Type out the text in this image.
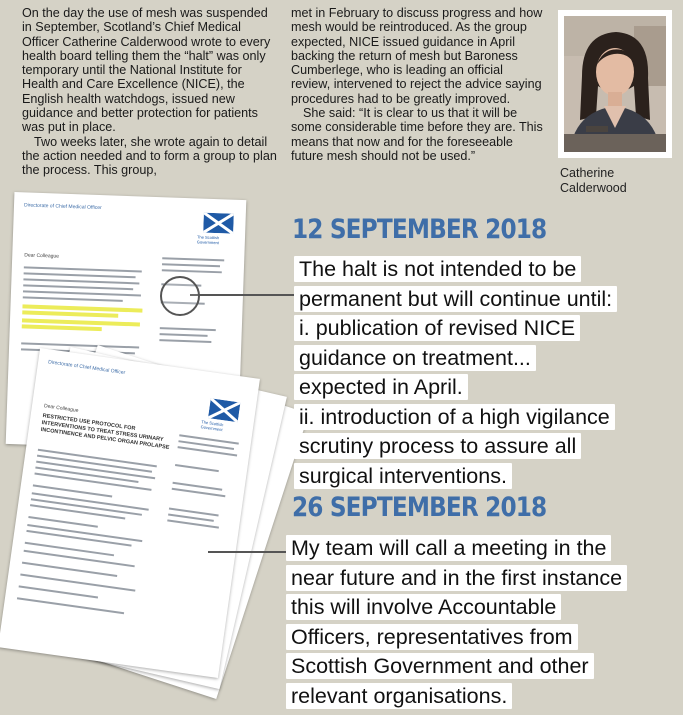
On the day the use of mesh was suspended in September, Scotland’s Chief Medical Officer Catherine Calderwood wrote to every health board telling them the “halt” was only temporary until the National Institute for Health and Care Excellence (NICE), the English health watchdogs, issued new guidance and better protection for patients was put in place.

Two weeks later, she wrote again to detail the action needed and to form a group to plan the process. This group,

met in February to discuss progress and how mesh would be reintroduced. As the group expected, NICE issued guidance in April backing the return of mesh but Baroness Cumberlege, who is leading an official review, intervened to reject the advice saying procedures had to be greatly improved.

She said: “It is clear to us that it will be some considerable time before they are. This means that now and for the foreseeable future mesh should not be used.”

Catherine
Calderwood
Directorate of Chief Medical Officer
The Scottish Government
Dear Colleague
Directorate of Chief Medical Officer
The Scottish Government
Dear Colleague
RESTRICTED USE PROTOCOL FOR INTERVENTIONS TO TREAT STRESS URINARY INCONTINENCE AND PELVIC ORGAN PROLAPSE
12 SEPTEMBER 2018
The halt is not intended to be
permanent but will continue until:
i. publication of revised NICE
guidance on treatment...
expected in April.
ii. introduction of a high vigilance
scrutiny process to assure all
surgical interventions.
26 SEPTEMBER 2018
My team will call a meeting in the
near future and in the first instance
this will involve Accountable
Officers, representatives from
Scottish Government and other
relevant organisations.
